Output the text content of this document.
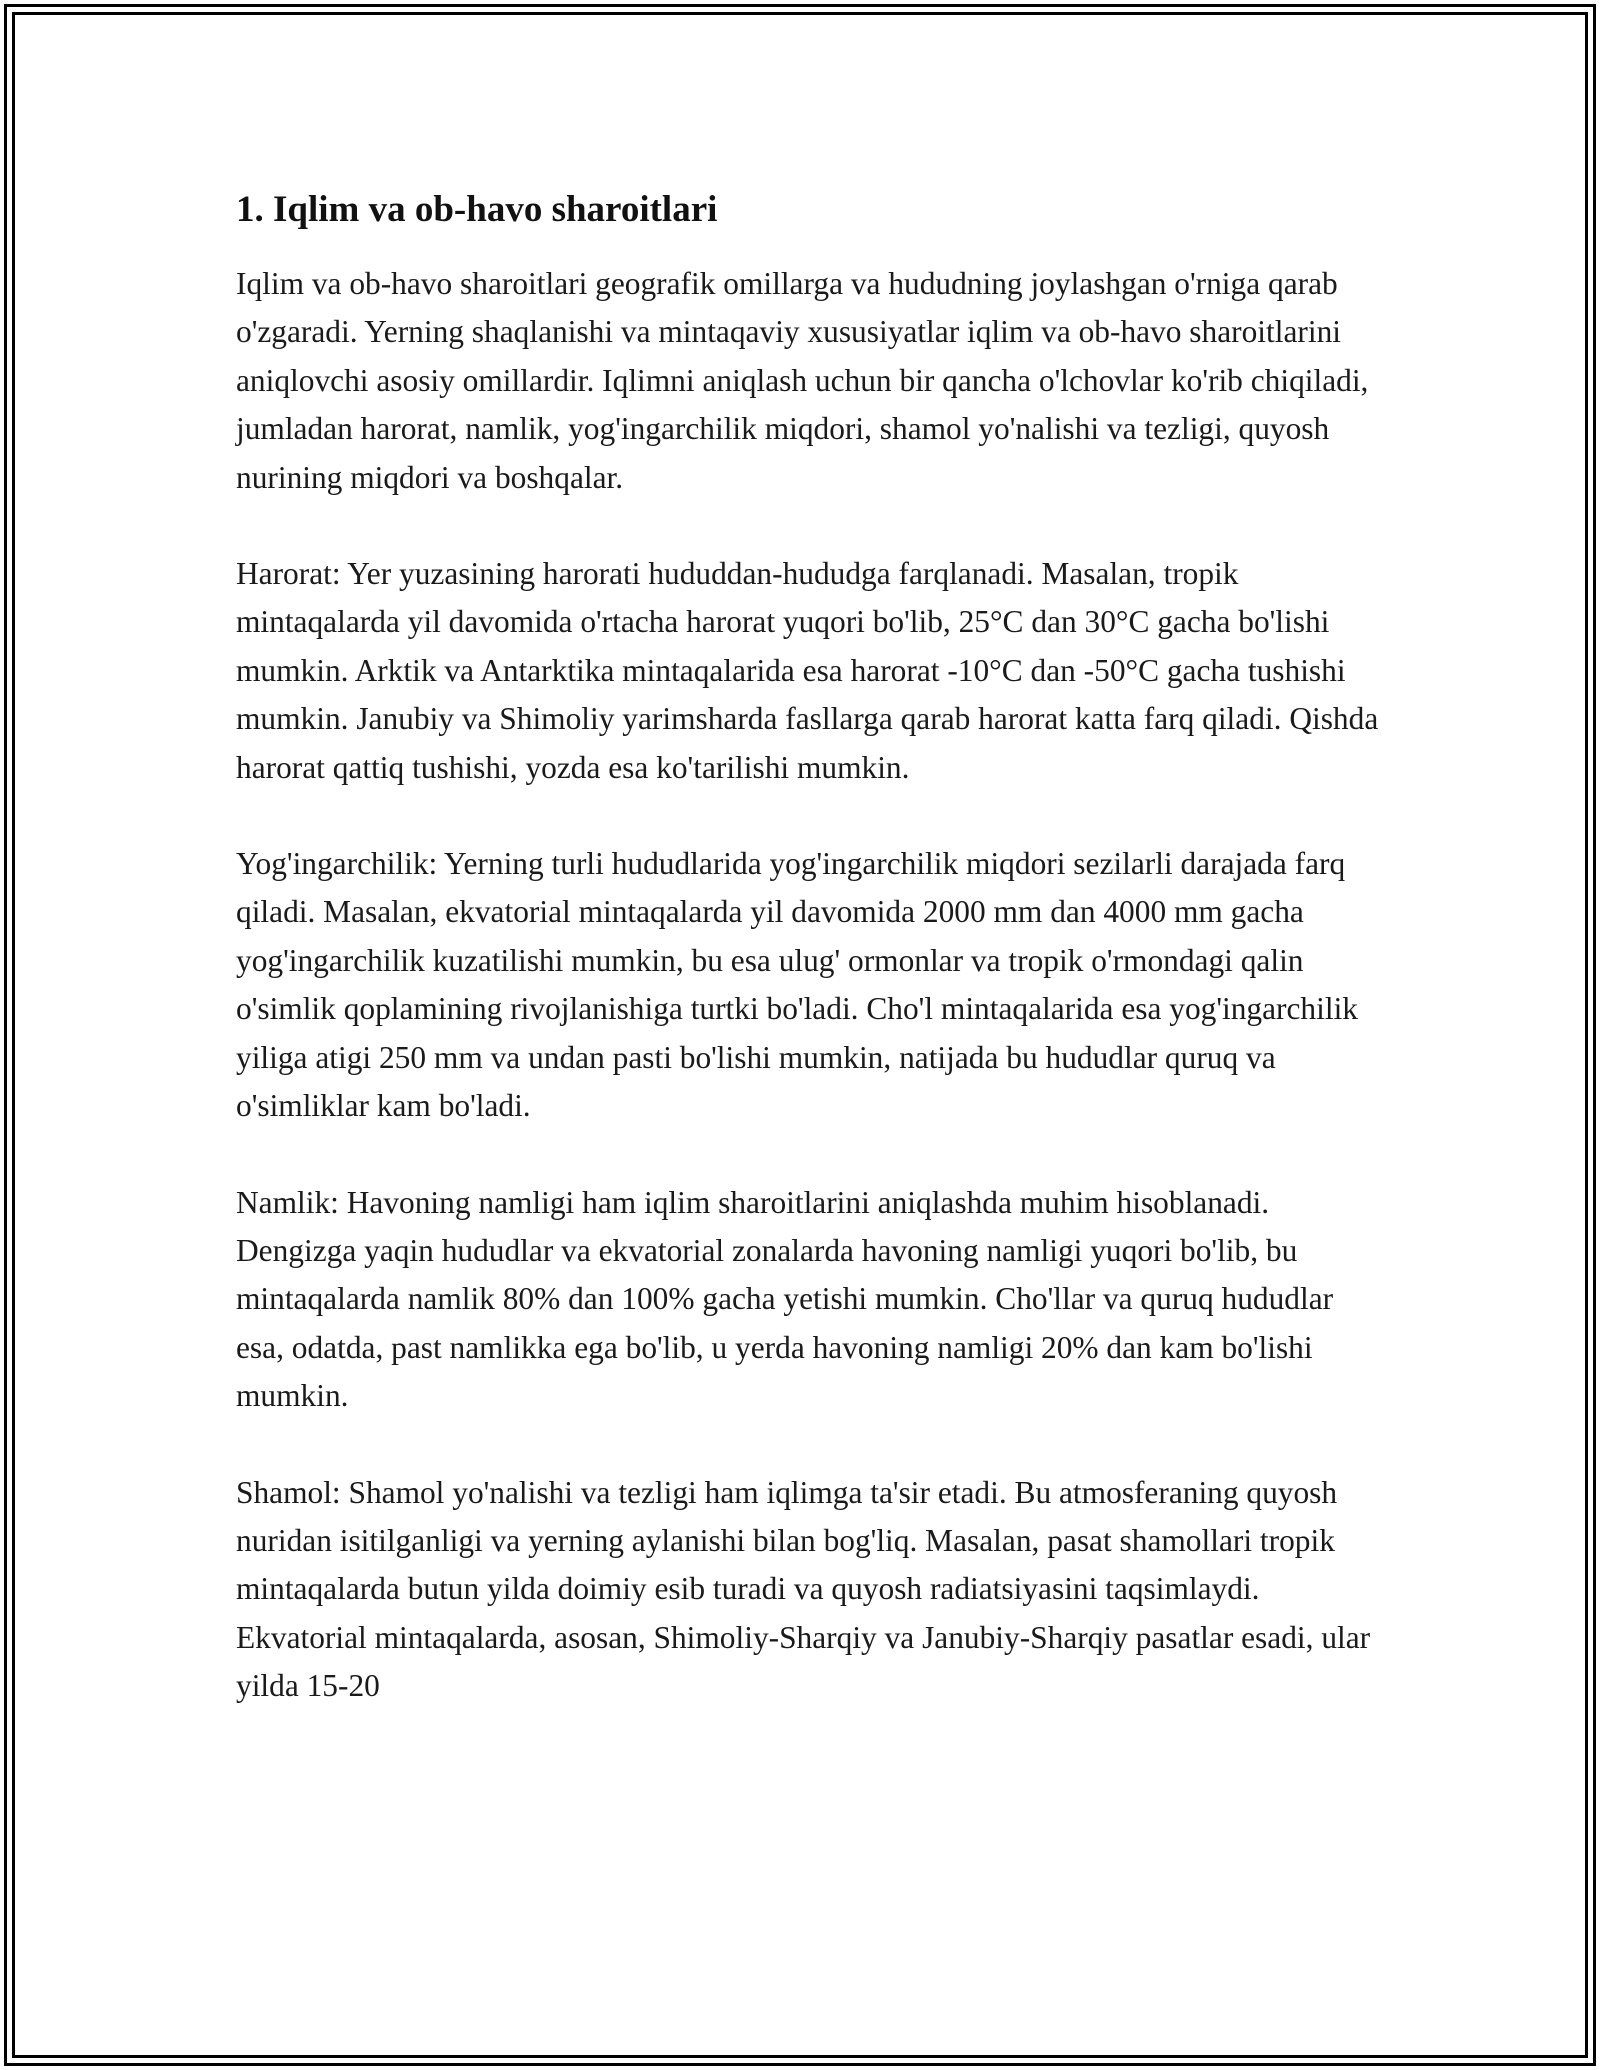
1. Iqlim va ob-havo sharoitlari

Iqlim va ob-havo sharoitlari geografik omillarga va hududning joylashgan o'rniga qarab o'zgaradi. Yerning shaqlanishi va mintaqaviy xususiyatlar iqlim va ob-havo sharoitlarini aniqlovchi asosiy omillardir. Iqlimni aniqlash uchun bir qancha o'lchovlar ko'rib chiqiladi, jumladan harorat, namlik, yog'ingarchilik miqdori, shamol yo'nalishi va tezligi, quyosh nurining miqdori va boshqalar.

Harorat: Yer yuzasining harorati hududdan-hududga farqlanadi. Masalan, tropik mintaqalarda yil davomida o'rtacha harorat yuqori bo'lib, 25°C dan 30°C gacha bo'lishi mumkin. Arktik va Antarktika mintaqalarida esa harorat -10°C dan -50°C gacha tushishi mumkin. Janubiy va Shimoliy yarimsharda fasllarga qarab harorat katta farq qiladi. Qishda harorat qattiq tushishi, yozda esa ko'tarilishi mumkin.

Yog'ingarchilik: Yerning turli hududlarida yog'ingarchilik miqdori sezilarli darajada farq qiladi. Masalan, ekvatorial mintaqalarda yil davomida 2000 mm dan 4000 mm gacha yog'ingarchilik kuzatilishi mumkin, bu esa ulug' ormonlar va tropik o'rmondagi qalin o'simlik qoplamining rivojlanishiga turtki bo'ladi. Cho'l mintaqalarida esa yog'ingarchilik yiliga atigi 250 mm va undan pasti bo'lishi mumkin, natijada bu hududlar quruq va o'simliklar kam bo'ladi.

Namlik: Havoning namligi ham iqlim sharoitlarini aniqlashda muhim hisoblanadi. Dengizga yaqin hududlar va ekvatorial zonalarda havoning namligi yuqori bo'lib, bu mintaqalarda namlik 80% dan 100% gacha yetishi mumkin. Cho'llar va quruq hududlar esa, odatda, past namlikka ega bo'lib, u yerda havoning namligi 20% dan kam bo'lishi mumkin.

Shamol: Shamol yo'nalishi va tezligi ham iqlimga ta'sir etadi. Bu atmosferaning quyosh nuridan isitilganligi va yerning aylanishi bilan bog'liq. Masalan, pasat shamollari tropik mintaqalarda butun yilda doimiy esib turadi va quyosh radiatsiyasini taqsimlaydi. Ekvatorial mintaqalarda, asosan, Shimoliy-Sharqiy va Janubiy-Sharqiy pasatlar esadi, ular yilda 15-20
